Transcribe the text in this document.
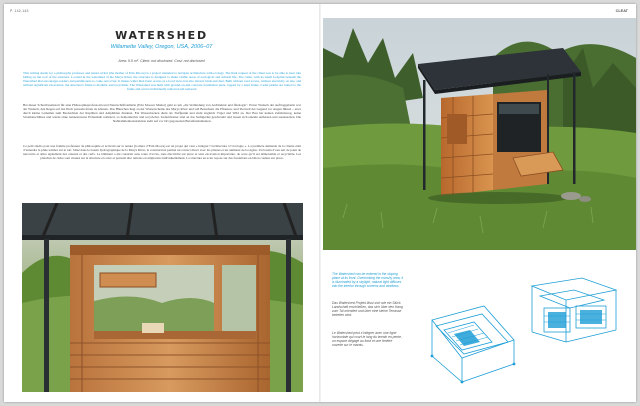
P. 142-143	CLEAT
WATERSHED
Willamette Valley, Oregon, USA, 2006–07
Area: 9.5 m². Client: not disclosed. Cost: not disclosed

This writing studio for a philosophy professor and nature writer (the mother of Erin Moore) is a project intended to navigate architecture with ecology. The final request of the client was to be able to hear rain falling on the roof of the structure. Located in the watershed of the Marys River, the structure is designed to make visible areas of ecological and cultural life. The cabin, with its small footprint beneath the Watershed that encourages readers and parishioners to come onto river. It makes wider than basic access as a focal view, but also attracts birds and deer. Built without road access, without electricity on site, and without significant excavation, the structure's frame is modular and recyclable. The Watershed was built with ground-on-site concrete foundation piers, topped by a steel frame. Cedar planks are bolted to the frame and can be individually removed and replaced.

Bei dieser Schreibwerkstatt für eine Philosophieprofessorin und Naturschriftstellerin (Erin Moores Mutter) geht es um „die Verbindung von Architektur und Ökologie“. Erster Wunsch der Auftraggeberin war der Wunsch, den Regen auf das Dach prasseln hören zu können. Das Häuschen liegt an der Wasserscheide des Marys River und soll Besuchern die Pflanzen- und Tierwelt der Gegend vor Augen führen – etwa durch kleine Lamellen zum Beobachten der Reptilien und Amphibien direkten. Ein Wasserbecken dient als Treffpunkt und zieht zugleich Vögel und Wild an. Der Bau hat keinen Zufahrtsweg, keine Stromanschlüsse und wurde ohne nennenswerte Erdaushub realisiert, so demontierbar und recyclebar. Zedernbretter sind an das Stahlgerüst geschraubt und lassen sich einzeln entfernen und austauschen. Die Stahlrahmenkonstruktion steht auf vor Ort gegossenen Betonfundamenten.

Ce petit studio pour une femme professeur de philosophie et écrivain sur la nature (la mère d’Erin Moore) est un projet qui veut « intégrer l’architecture à l’écologie ». La première demande de la cliente était d’entendre la pluie tomber sur le toit. Situé dans le bassin hydrographique de la Marys River, la construction permet un contact direct avec les plantes et les animaux de la région. Un bassin d’eau sert de point de rencontre et attire également des oiseaux et des cerfs. Le bâtiment a été construit sans route d’accès, sans électricité sur place et sans excavation importante, de sorte qu’il est démontable et recyclable. Les planches de cèdre sont vissées sur la structure en acier et peuvent être retirées et remplacées individuellement. La structure en acier repose sur des fondations en béton coulées sur place.

The Watershed can be entered in the sloping plane at its front. Overlooking the marshy area, it is illuminated by a skylight, natural light diffuses into the interior through screens and windows.

Das Watershed Projekt lässt sich wie ein Stück Landschaft erschließen, das sich über den Hang zum Tal orientiert und über eine kleine Terrasse betreten wird.

Le Watershed peut s’intégrer avec une ligne horizontale qui court le long du terrain en pente, un espace dégagé au fond et une fenêtre ouverte sur le marais.
